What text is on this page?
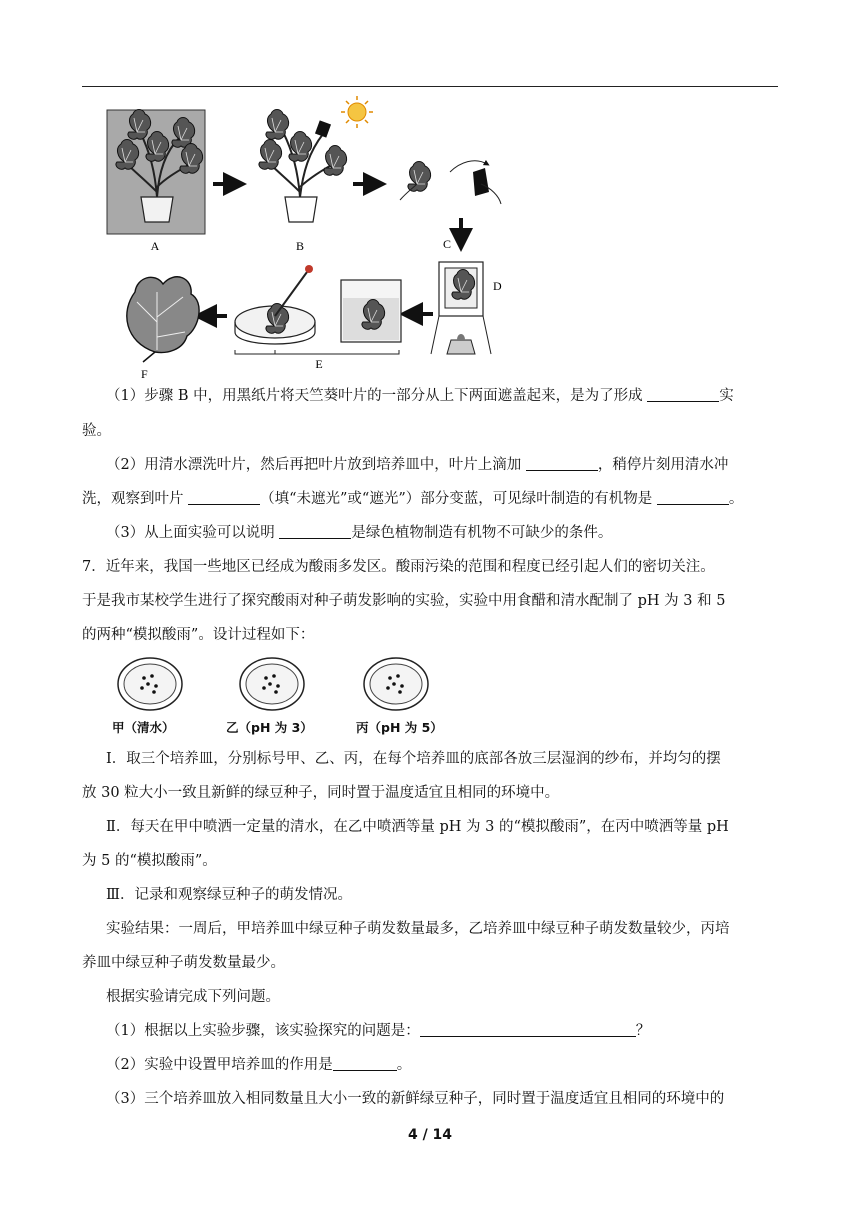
A	B	C
D
E
F
（1）步骤 B 中，用黑纸片将天竺葵叶片的一部分从上下两面遮盖起来，是为了形成	实
验。
（2）用清水漂洗叶片，然后再把叶片放到培养皿中，叶片上滴加	，稍停片刻用清水冲
洗，观察到叶片	（填“未遮光”或“遮光”）部分变蓝，可见绿叶制造的有机物是	。
（3）从上面实验可以说明	是绿色植物制造有机物不可缺少的条件。
7．近年来，我国一些地区已经成为酸雨多发区。酸雨污染的范围和程度已经引起人们的密切关注。
于是我市某校学生进行了探究酸雨对种子萌发影响的实验，实验中用食醋和清水配制了 pH 为 3 和 5
的两种“模拟酸雨”。设计过程如下：
甲（清水）	乙（pH 为 3）	丙（pH 为 5）
Ⅰ．取三个培养皿，分别标号甲、乙、丙，在每个培养皿的底部各放三层湿润的纱布，并均匀的摆
放 30 粒大小一致且新鲜的绿豆种子，同时置于温度适宜且相同的环境中。
Ⅱ．每天在甲中喷洒一定量的清水，在乙中喷洒等量 pH 为 3 的“模拟酸雨”，在丙中喷洒等量 pH
为 5 的“模拟酸雨”。
Ⅲ．记录和观察绿豆种子的萌发情况。
实验结果：一周后，甲培养皿中绿豆种子萌发数量最多，乙培养皿中绿豆种子萌发数量较少，丙培
养皿中绿豆种子萌发数量最少。
根据实验请完成下列问题。
（1）根据以上实验步骤，该实验探究的问题是：	？
（2）实验中设置甲培养皿的作用是	。
（3）三个培养皿放入相同数量且大小一致的新鲜绿豆种子，同时置于温度适宜且相同的环境中的
4 / 14
